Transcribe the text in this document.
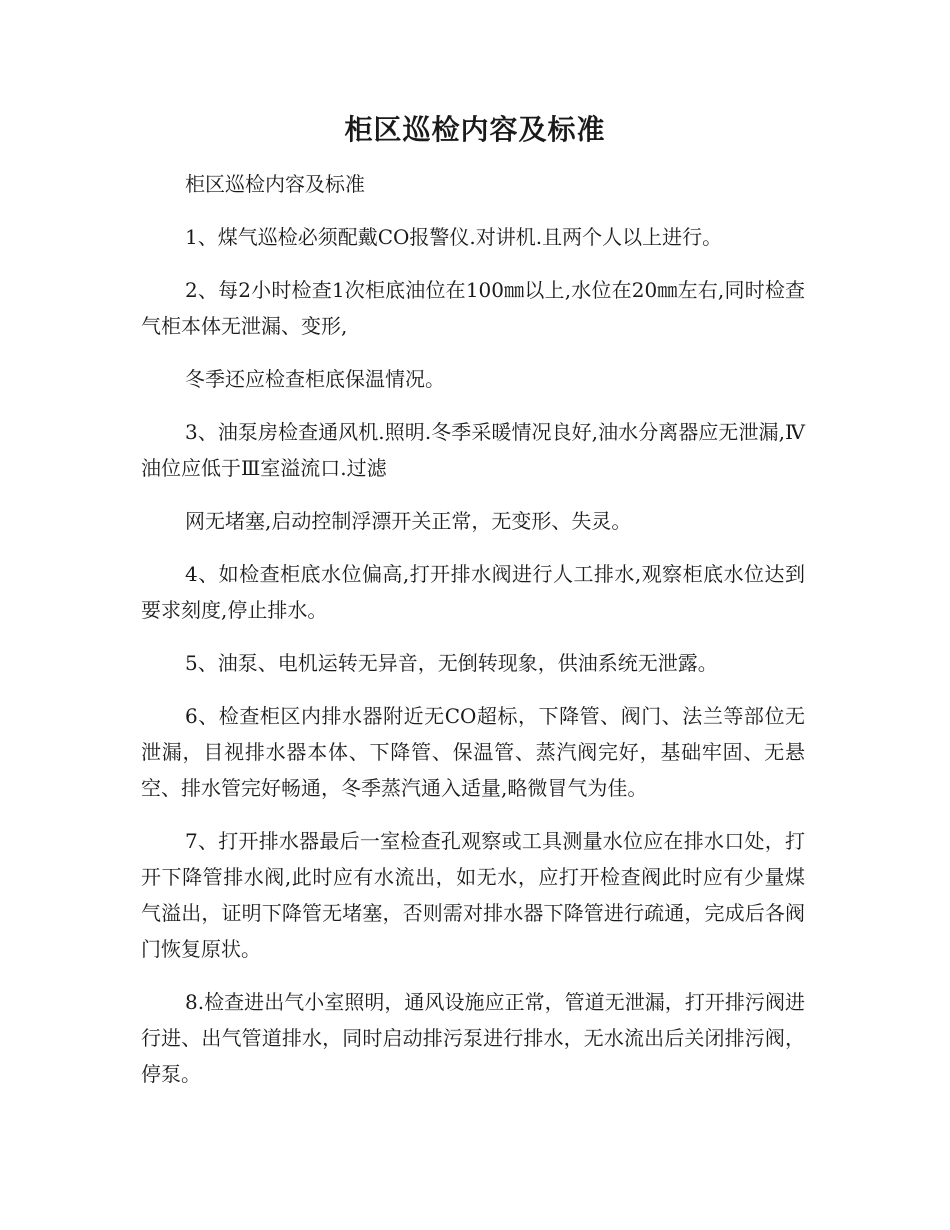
柜区巡检内容及标准

柜区巡检内容及标准

1、煤气巡检必须配戴CO报警仪.对讲机.且两个人以上进行。

2、每2小时检查1次柜底油位在100㎜以上,水位在20㎜左右,同时检查气柜本体无泄漏、变形,

冬季还应检查柜底保温情况。

3、油泵房检查通风机.照明.冬季采暖情况良好,油水分离器应无泄漏,Ⅳ油位应低于Ⅲ室溢流口.过滤

网无堵塞,启动控制浮漂开关正常，无变形、失灵。

4、如检查柜底水位偏高,打开排水阀进行人工排水,观察柜底水位达到要求刻度,停止排水。

5、油泵、电机运转无异音，无倒转现象，供油系统无泄露。

6、检查柜区内排水器附近无CO超标，下降管、阀门、法兰等部位无泄漏，目视排水器本体、下降管、保温管、蒸汽阀完好，基础牢固、无悬空、排水管完好畅通，冬季蒸汽通入适量,略微冒气为佳。

7、打开排水器最后一室检查孔观察或工具测量水位应在排水口处，打开下降管排水阀,此时应有水流出，如无水，应打开检查阀此时应有少量煤气溢出，证明下降管无堵塞，否则需对排水器下降管进行疏通，完成后各阀门恢复原状。

8.检查进出气小室照明，通风设施应正常，管道无泄漏，打开排污阀进行进、出气管道排水，同时启动排污泵进行排水，无水流出后关闭排污阀，停泵。
